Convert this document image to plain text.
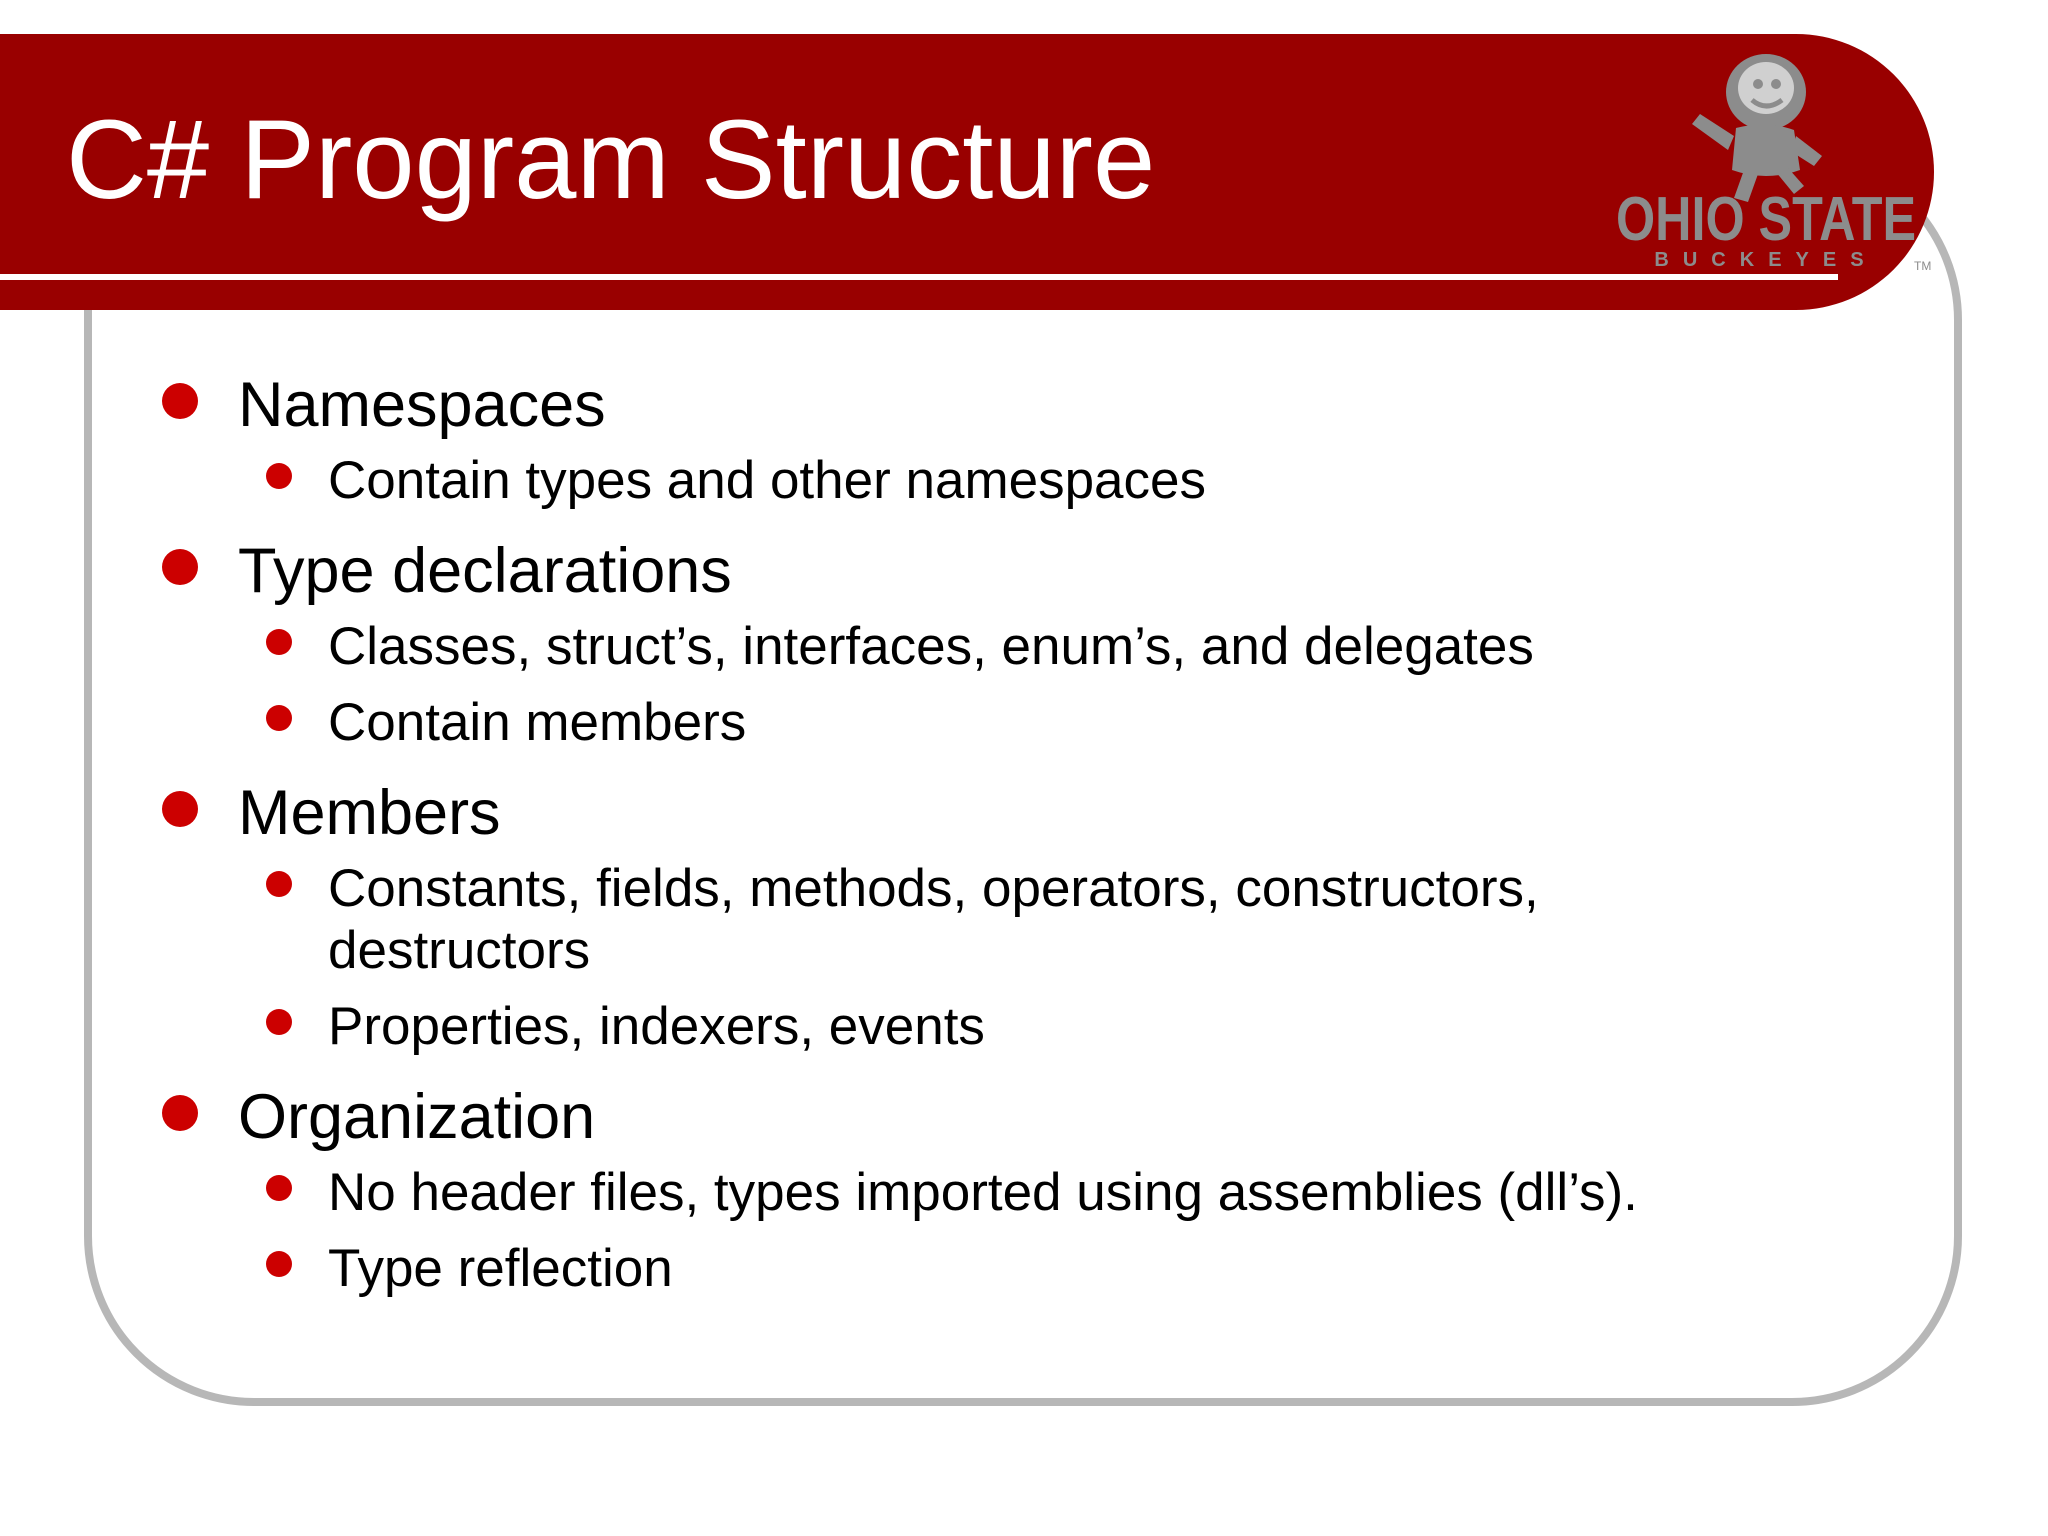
C# Program Structure	OHIO STATE
BUCKEYES	TM
Namespaces
Contain types and other namespaces
Type declarations
Classes, struct’s, interfaces, enum’s, and delegates
Contain members
Members
Constants, fields, methods, operators, constructors, destructors
Properties, indexers, events
Organization
No header files, types imported using assemblies (dll’s).
Type reflection
